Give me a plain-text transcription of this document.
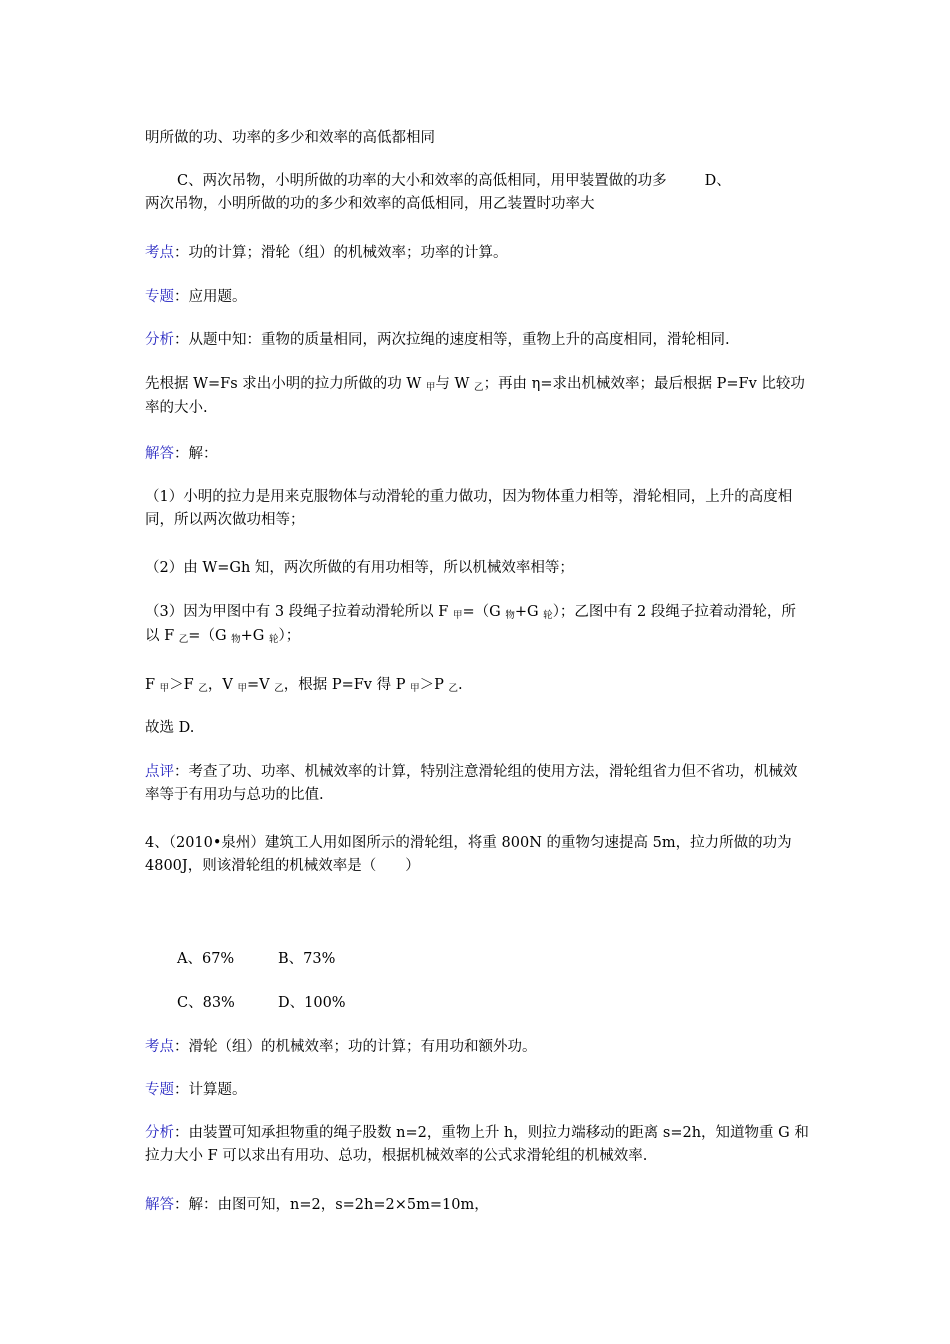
明所做的功、功率的多少和效率的高低都相同

C、两次吊物，小明所做的功率的大小和效率的高低相同，用甲装置做的功多	D、
两次吊物，小明所做的功的多少和效率的高低相同，用乙装置时功率大

考点：功的计算；滑轮（组）的机械效率；功率的计算。

专题：应用题。

分析：从题中知：重物的质量相同，两次拉绳的速度相等，重物上升的高度相同，滑轮相同.

先根据 W=Fs 求出小明的拉力所做的功 W $_甲$与 W $_乙$；再由 η=求出机械效率；最后根据 P=Fv 比较功率的大小.

解答：解：

（1）小明的拉力是用来克服物体与动滑轮的重力做功，因为物体重力相等，滑轮相同，上升的高度相同，所以两次做功相等；

（2）由 W=Gh 知，两次所做的有用功相等，所以机械效率相等；

（3）因为甲图中有 3 段绳子拉着动滑轮所以 F $_甲$=（G $_物$+G $_轮$）；乙图中有 2 段绳子拉着动滑轮，所以 F $_乙$=（G $_物$+G $_轮$）；

F $_甲$＞F $_乙$，V $_甲$=V $_乙$，根据 P=Fv 得 P $_甲$＞P $_乙$.

故选 D.

点评：考查了功、功率、机械效率的计算，特别注意滑轮组的使用方法，滑轮组省力但不省功，机械效率等于有用功与总功的比值.

4、（2010•泉州）建筑工人用如图所示的滑轮组，将重 800N 的重物匀速提高 5m，拉力所做的功为 4800J，则该滑轮组的机械效率是（　　）

A、67%	B、73%
C、83%	D、100%

考点：滑轮（组）的机械效率；功的计算；有用功和额外功。

专题：计算题。

分析：由装置可知承担物重的绳子股数 n=2，重物上升 h，则拉力端移动的距离 s=2h，知道物重 G 和拉力大小 F 可以求出有用功、总功，根据机械效率的公式求滑轮组的机械效率.

解答：解：由图可知，n=2，s=2h=2×5m=10m，
